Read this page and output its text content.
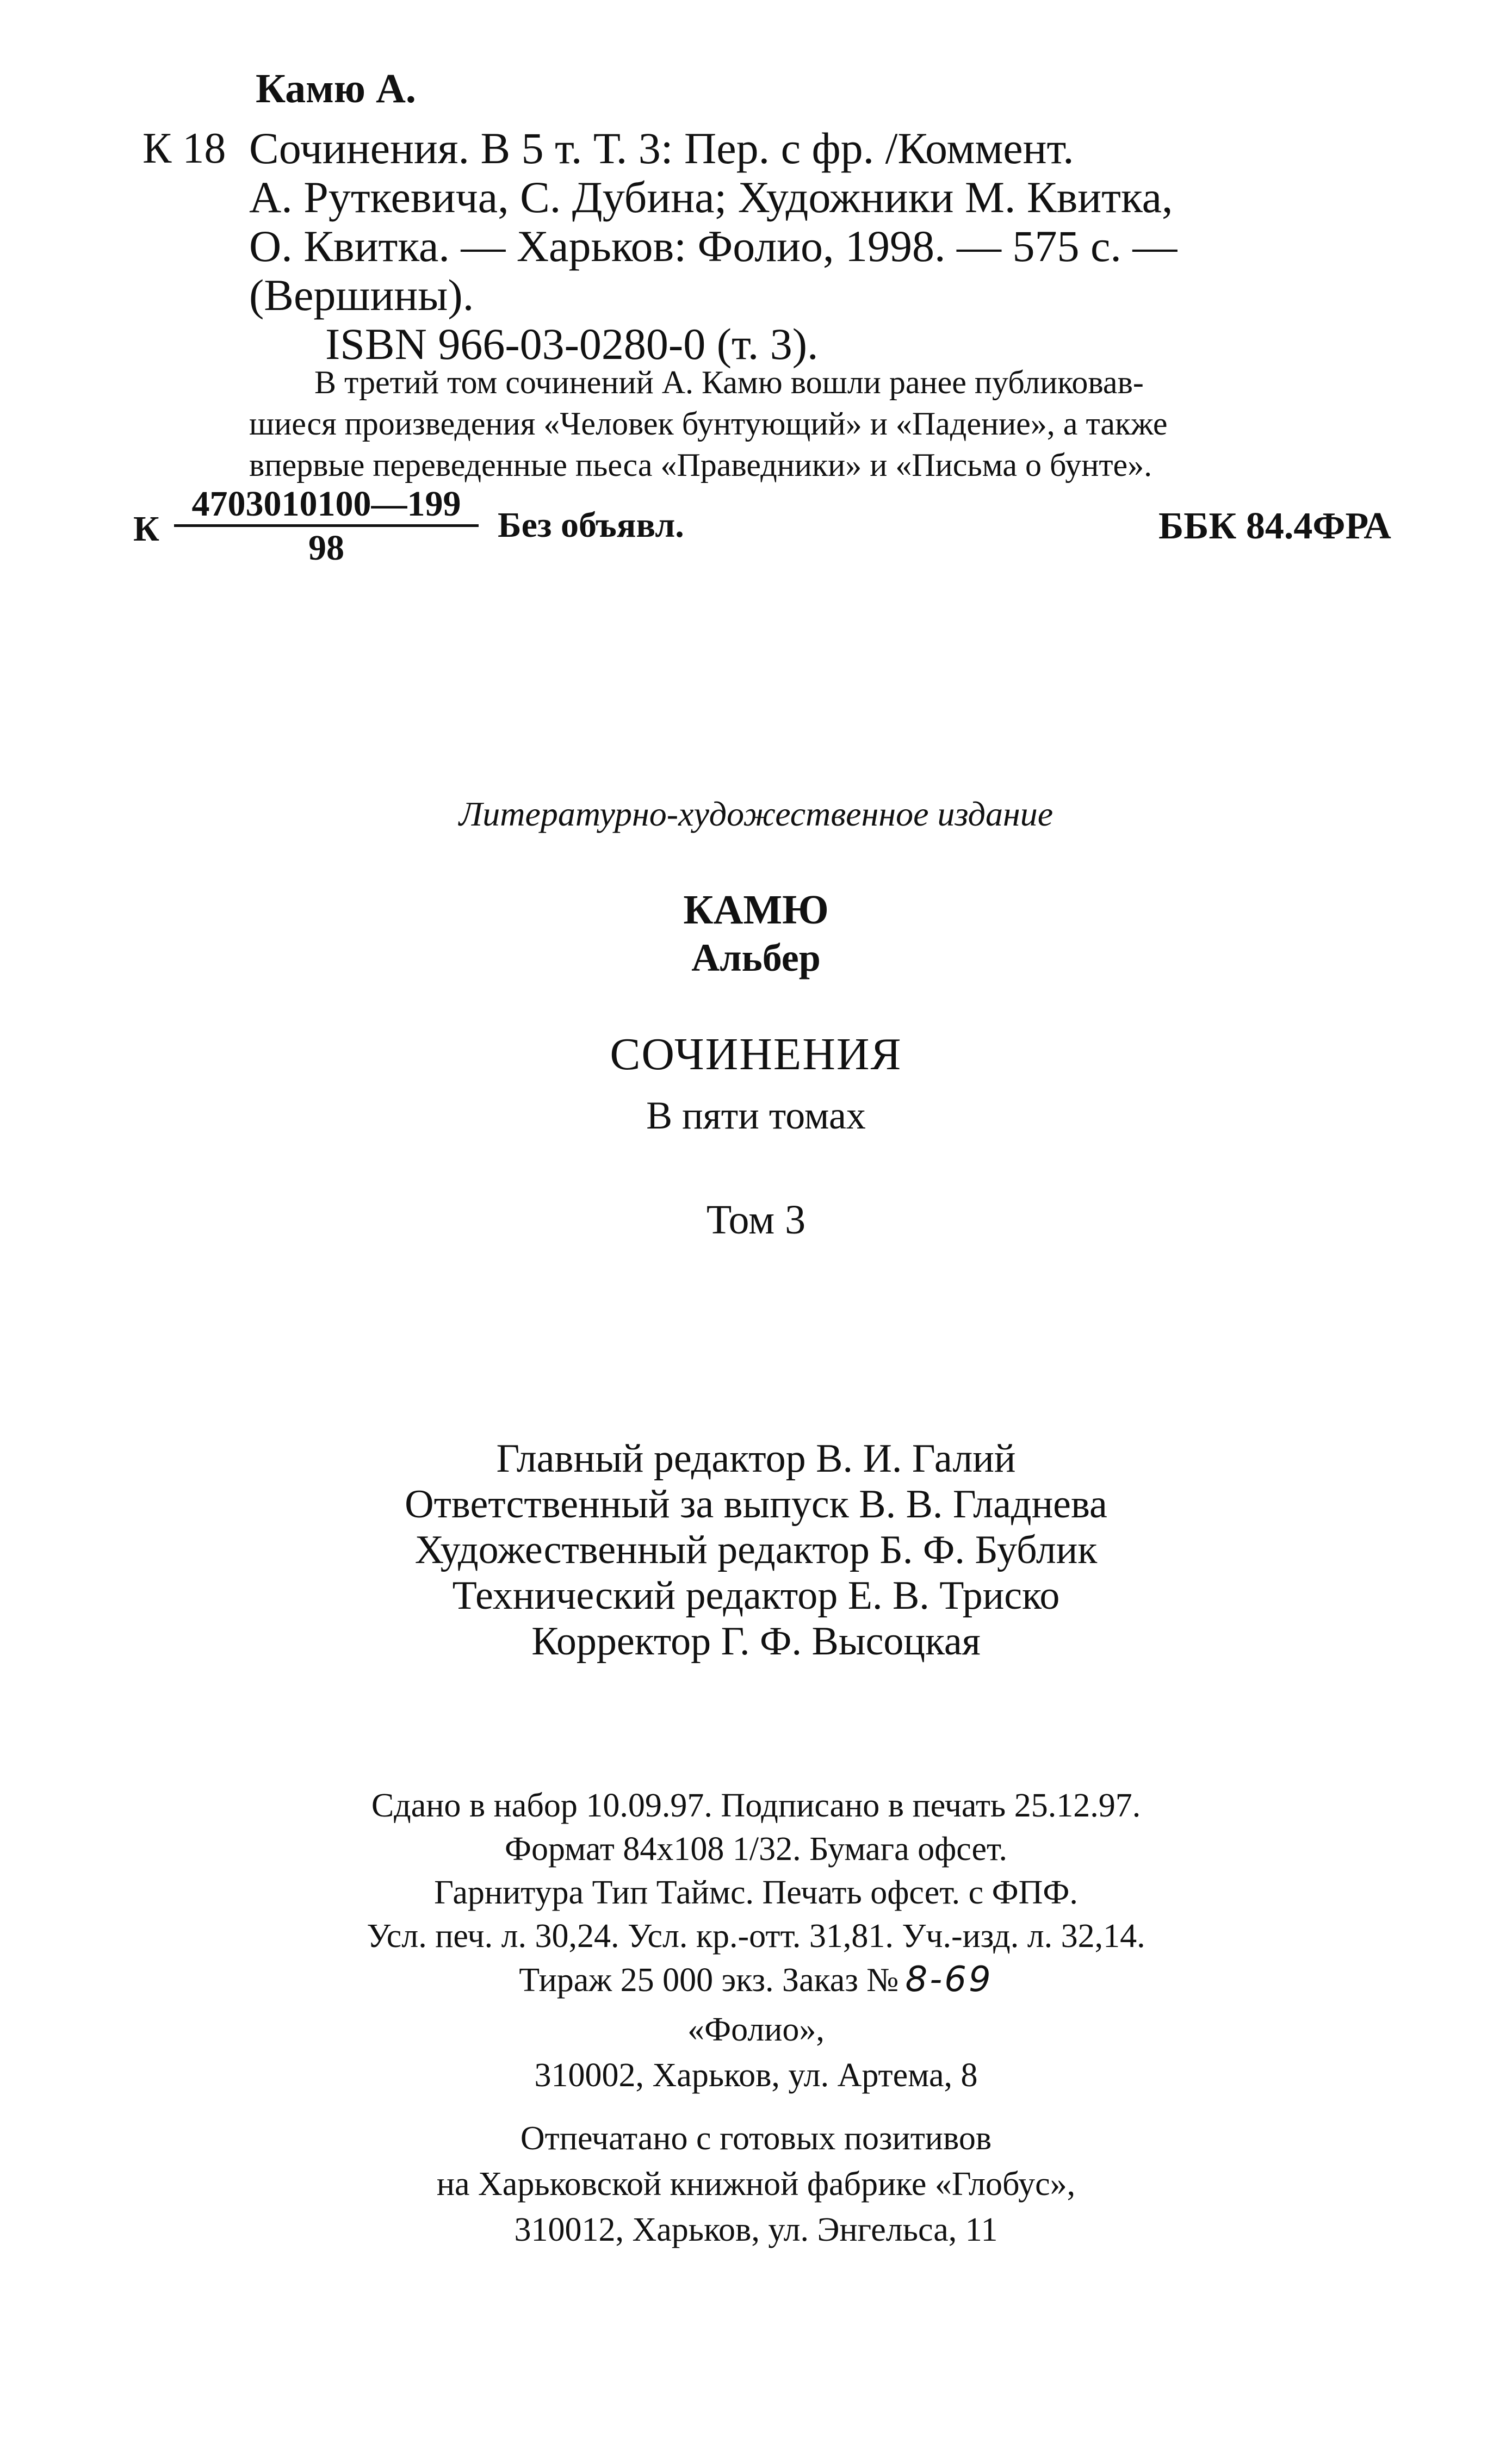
Камю А.
К 18 Сочинения. В 5 т. Т. 3: Пер. с фр. /Коммент.
А. Руткевича, С. Дубина; Художники М. Квитка,
О. Квитка. — Харьков: Фолио, 1998. — 575 с. —
(Вершины).
ISBN 966-03-0280-0 (т. 3).
В третий том сочинений А. Камю вошли ранее публиковав-
шиеся произведения «Человек бунтующий» и «Падение», а также
впервые переведенные пьеса «Праведники» и «Письма о бунте».
К $\frac{4703010100—199}{98}$ Без объявл.	ББК 84.4ФРА
Литературно-художественное издание
КАМЮ
Альбер
СОЧИНЕНИЯ
В пяти томах
Том 3
Главный редактор В. И. Галий
Ответственный за выпуск В. В. Гладнева
Художественный редактор Б. Ф. Бублик
Технический редактор Е. В. Триско
Корректор Г. Ф. Высоцкая
Сдано в набор 10.09.97. Подписано в печать 25.12.97.
Формат 84x108 1/32. Бумага офсет.
Гарнитура Тип Таймс. Печать офсет. с ФПФ.
Усл. печ. л. 30,24. Усл. кр.-отт. 31,81. Уч.-изд. л. 32,14.
Тираж 25 000 экз. Заказ № 8-69
«Фолио»,
310002, Харьков, ул. Артема, 8
Отпечатано с готовых позитивов
на Харьковской книжной фабрике «Глобус»,
310012, Харьков, ул. Энгельса, 11
